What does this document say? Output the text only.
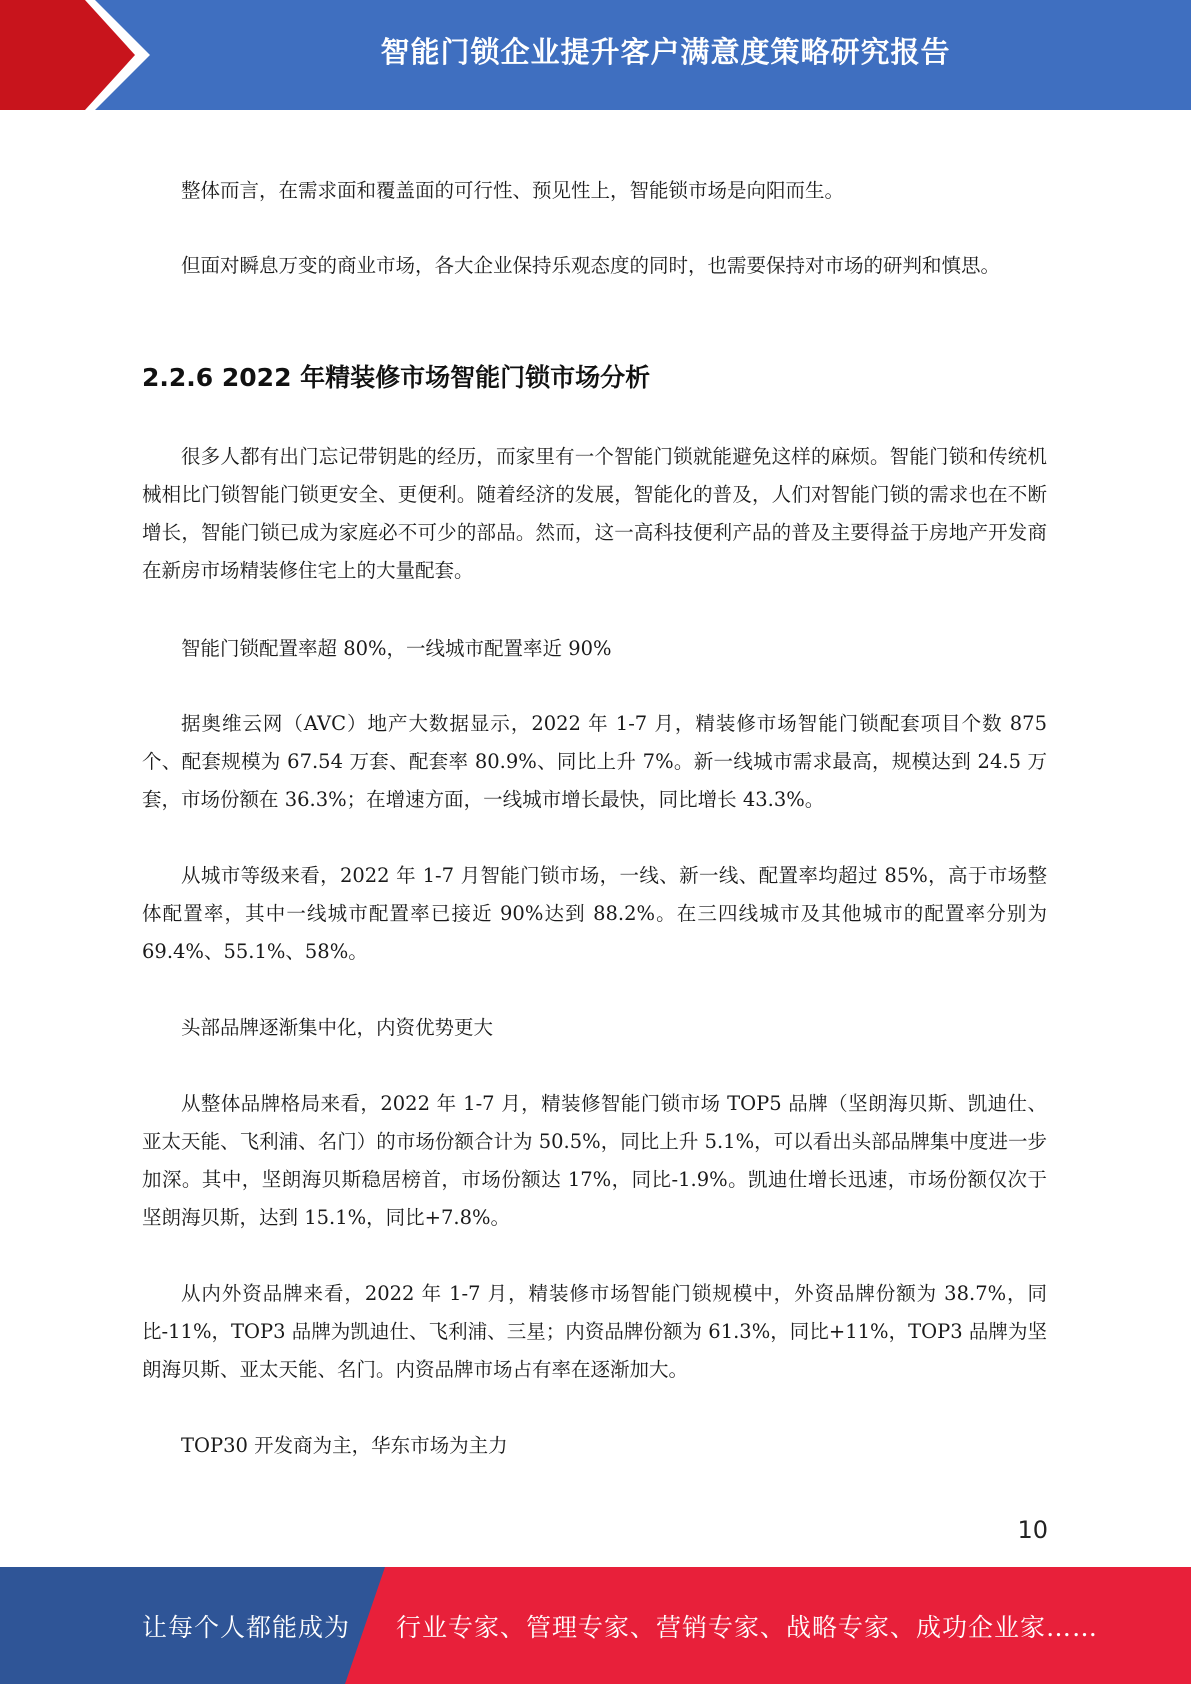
智能门锁企业提升客户满意度策略研究报告

整体而言，在需求面和覆盖面的可行性、预见性上，智能锁市场是向阳而生。

但面对瞬息万变的商业市场，各大企业保持乐观态度的同时，也需要保持对市场的研判和慎思。

2.2.6 2022 年精装修市场智能门锁市场分析

很多人都有出门忘记带钥匙的经历，而家里有一个智能门锁就能避免这样的麻烦。智能门锁和传统机械相比门锁智能门锁更安全、更便利。随着经济的发展，智能化的普及，人们对智能门锁的需求也在不断增长，智能门锁已成为家庭必不可少的部品。然而，这一高科技便利产品的普及主要得益于房地产开发商在新房市场精装修住宅上的大量配套。

智能门锁配置率超 80%，一线城市配置率近 90%

据奥维云网（AVC）地产大数据显示，2022 年 1-7 月，精装修市场智能门锁配套项目个数 875 个、配套规模为 67.54 万套、配套率 80.9%、同比上升 7%。新一线城市需求最高，规模达到 24.5 万套，市场份额在 36.3%；在增速方面，一线城市增长最快，同比增长 43.3%。

从城市等级来看，2022 年 1-7 月智能门锁市场，一线、新一线、配置率均超过 85%，高于市场整体配置率，其中一线城市配置率已接近 90%达到 88.2%。在三四线城市及其他城市的配置率分别为 69.4%、55.1%、58%。

头部品牌逐渐集中化，内资优势更大

从整体品牌格局来看，2022 年 1-7 月，精装修智能门锁市场 TOP5 品牌（坚朗海贝斯、凯迪仕、亚太天能、飞利浦、名门）的市场份额合计为 50.5%，同比上升 5.1%，可以看出头部品牌集中度进一步加深。其中，坚朗海贝斯稳居榜首，市场份额达 17%，同比-1.9%。凯迪仕增长迅速，市场份额仅次于坚朗海贝斯，达到 15.1%，同比+7.8%。

从内外资品牌来看，2022 年 1-7 月，精装修市场智能门锁规模中，外资品牌份额为 38.7%，同比-11%，TOP3 品牌为凯迪仕、飞利浦、三星；内资品牌份额为 61.3%，同比+11%，TOP3 品牌为坚朗海贝斯、亚太天能、名门。内资品牌市场占有率在逐渐加大。

TOP30 开发商为主，华东市场为主力

10
让每个人都能成为 行业专家、管理专家、营销专家、战略专家、成功企业家……
